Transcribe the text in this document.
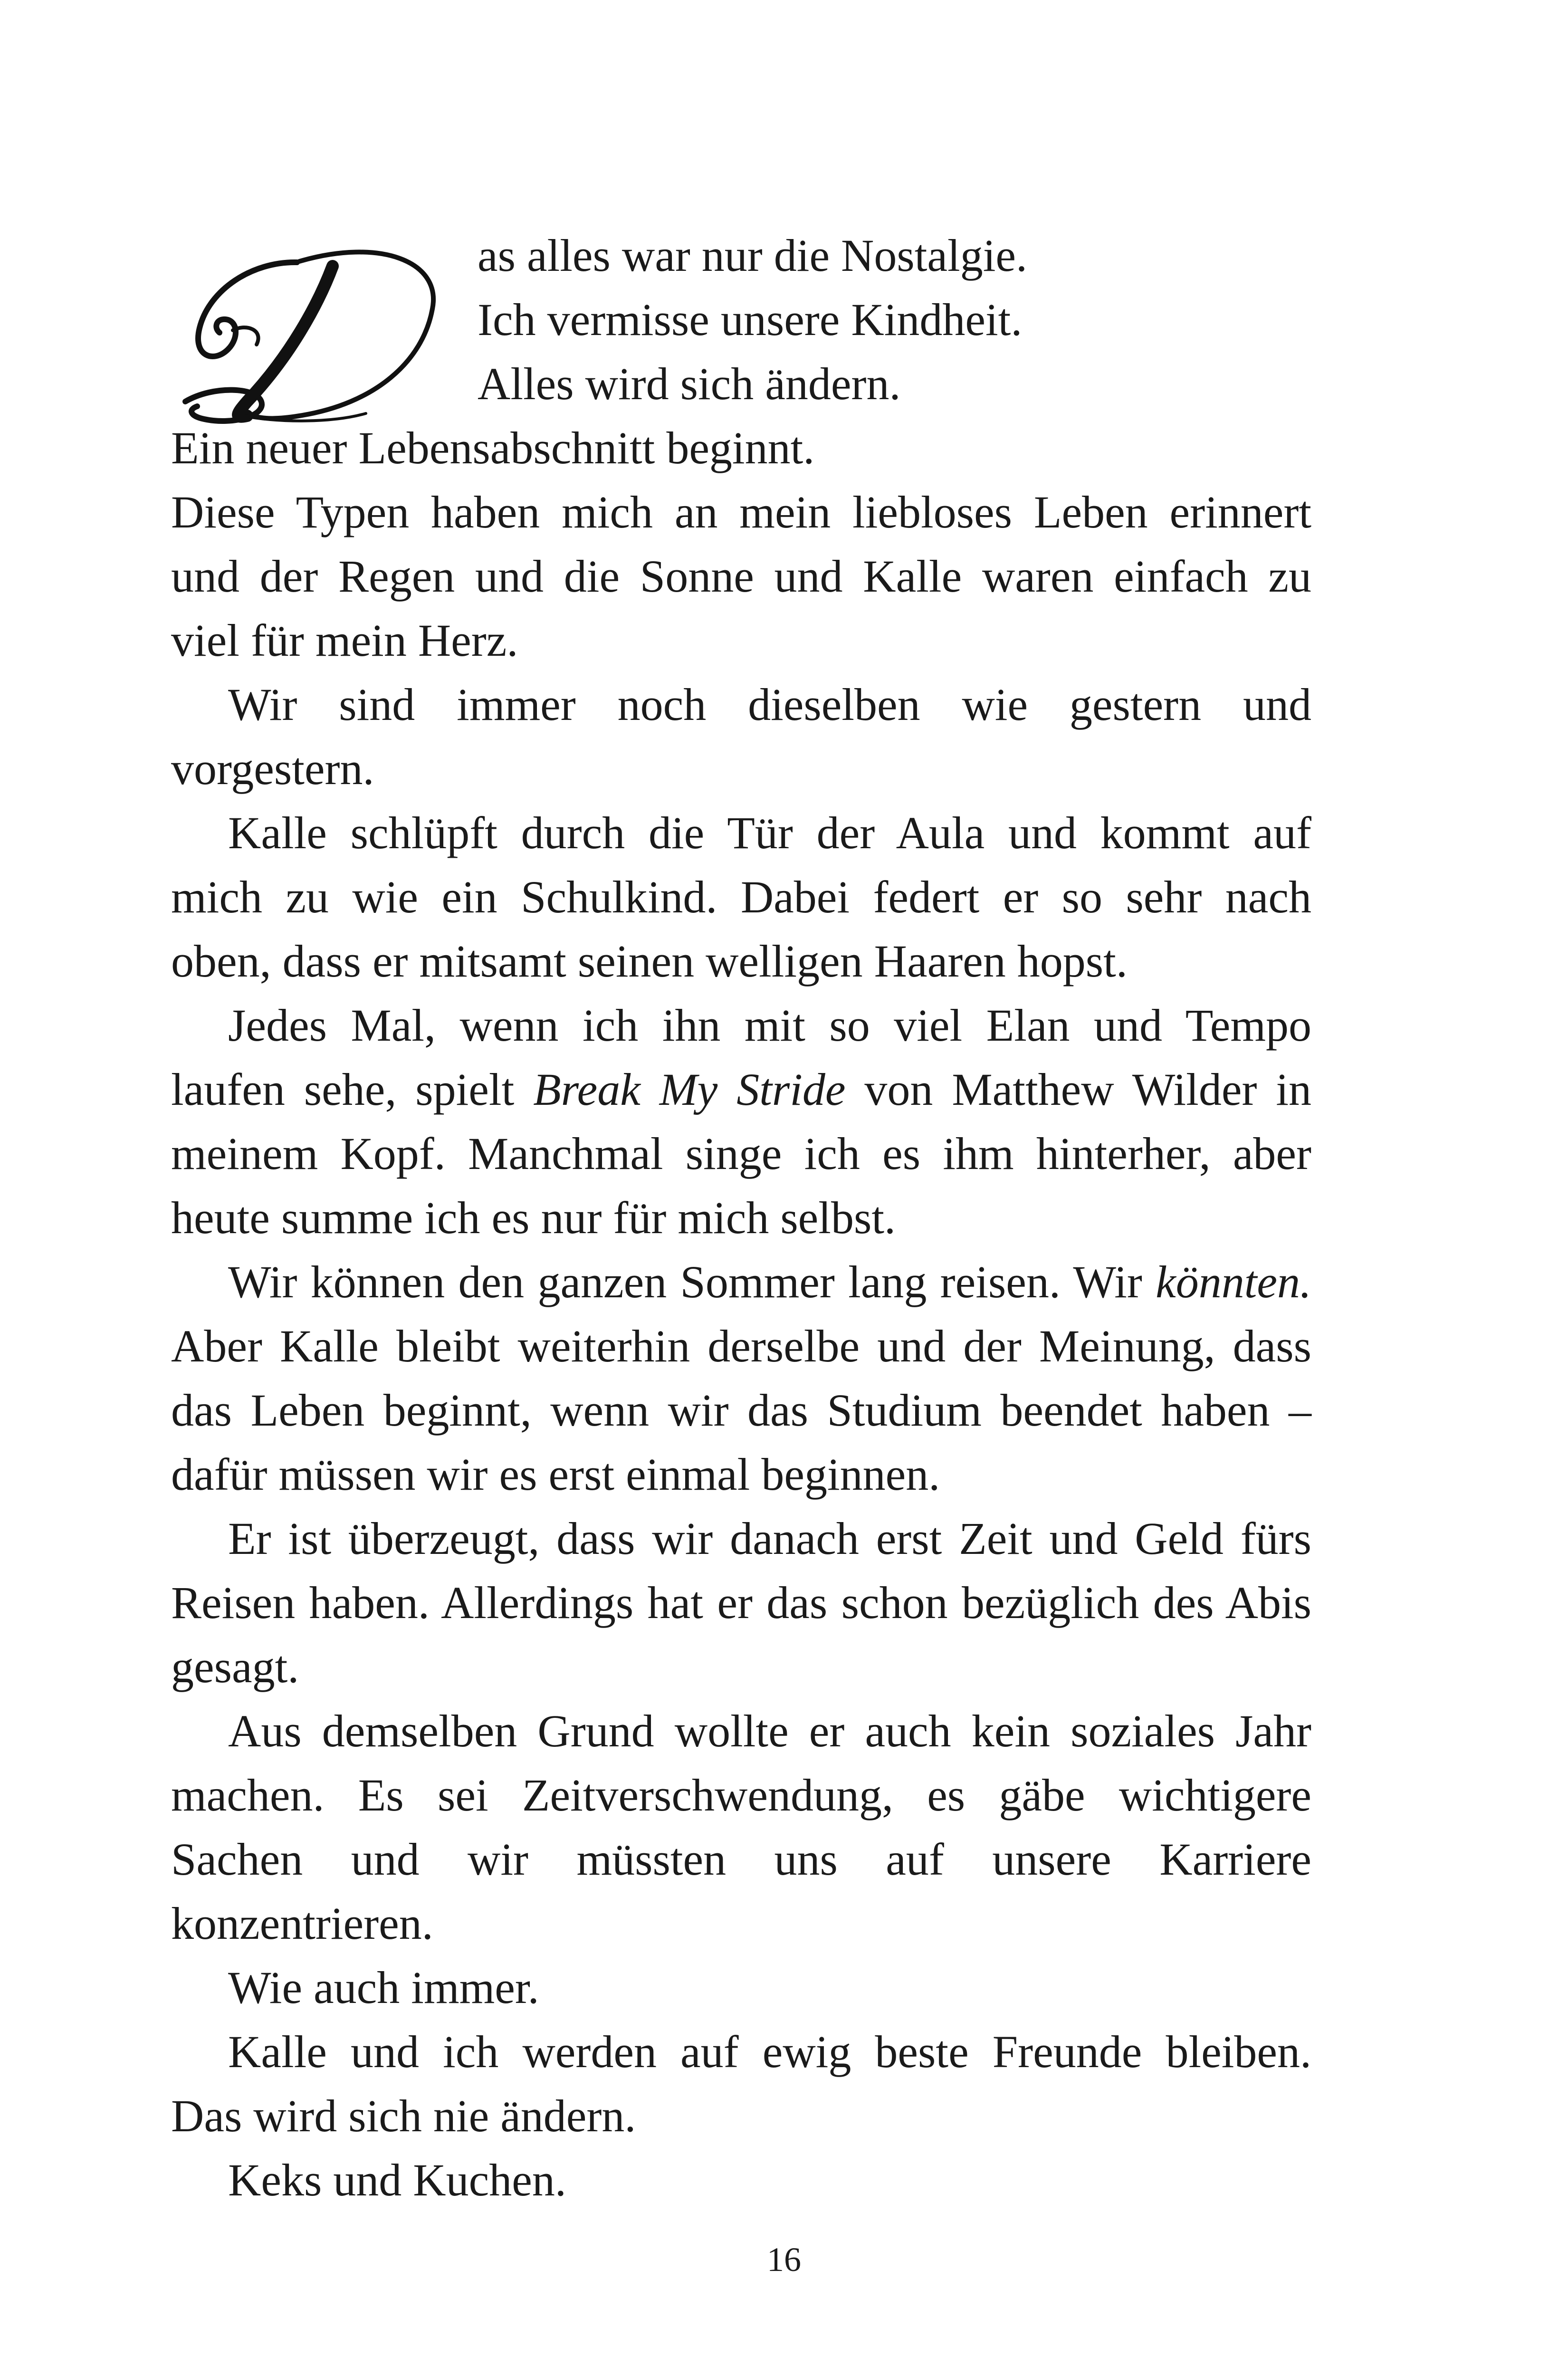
as alles war nur die Nostalgie.
Ich vermisse unsere Kindheit.
Alles wird sich ändern.
Ein neuer Lebensabschnitt beginnt.
Diese Typen haben mich an mein liebloses Leben erinnert
und der Regen und die Sonne und Kalle waren einfach zu
viel für mein Herz.
Wir sind immer noch dieselben wie gestern und
vorgestern.
Kalle schlüpft durch die Tür der Aula und kommt auf
mich zu wie ein Schulkind. Dabei federt er so sehr nach
oben, dass er mitsamt seinen welligen Haaren hopst.
Jedes Mal, wenn ich ihn mit so viel Elan und Tempo
laufen sehe, spielt Break My Stride von Matthew Wilder in
meinem Kopf. Manchmal singe ich es ihm hinterher, aber
heute summe ich es nur für mich selbst.
Wir können den ganzen Sommer lang reisen. Wir könnten.
Aber Kalle bleibt weiterhin derselbe und der Meinung, dass
das Leben beginnt, wenn wir das Studium beendet haben –
dafür müssen wir es erst einmal beginnen.
Er ist überzeugt, dass wir danach erst Zeit und Geld fürs
Reisen haben. Allerdings hat er das schon bezüglich des Abis
gesagt.
Aus demselben Grund wollte er auch kein soziales Jahr
machen. Es sei Zeitverschwendung, es gäbe wichtigere
Sachen und wir müssten uns auf unsere Karriere
konzentrieren.
Wie auch immer.
Kalle und ich werden auf ewig beste Freunde bleiben.
Das wird sich nie ändern.
Keks und Kuchen.
16
